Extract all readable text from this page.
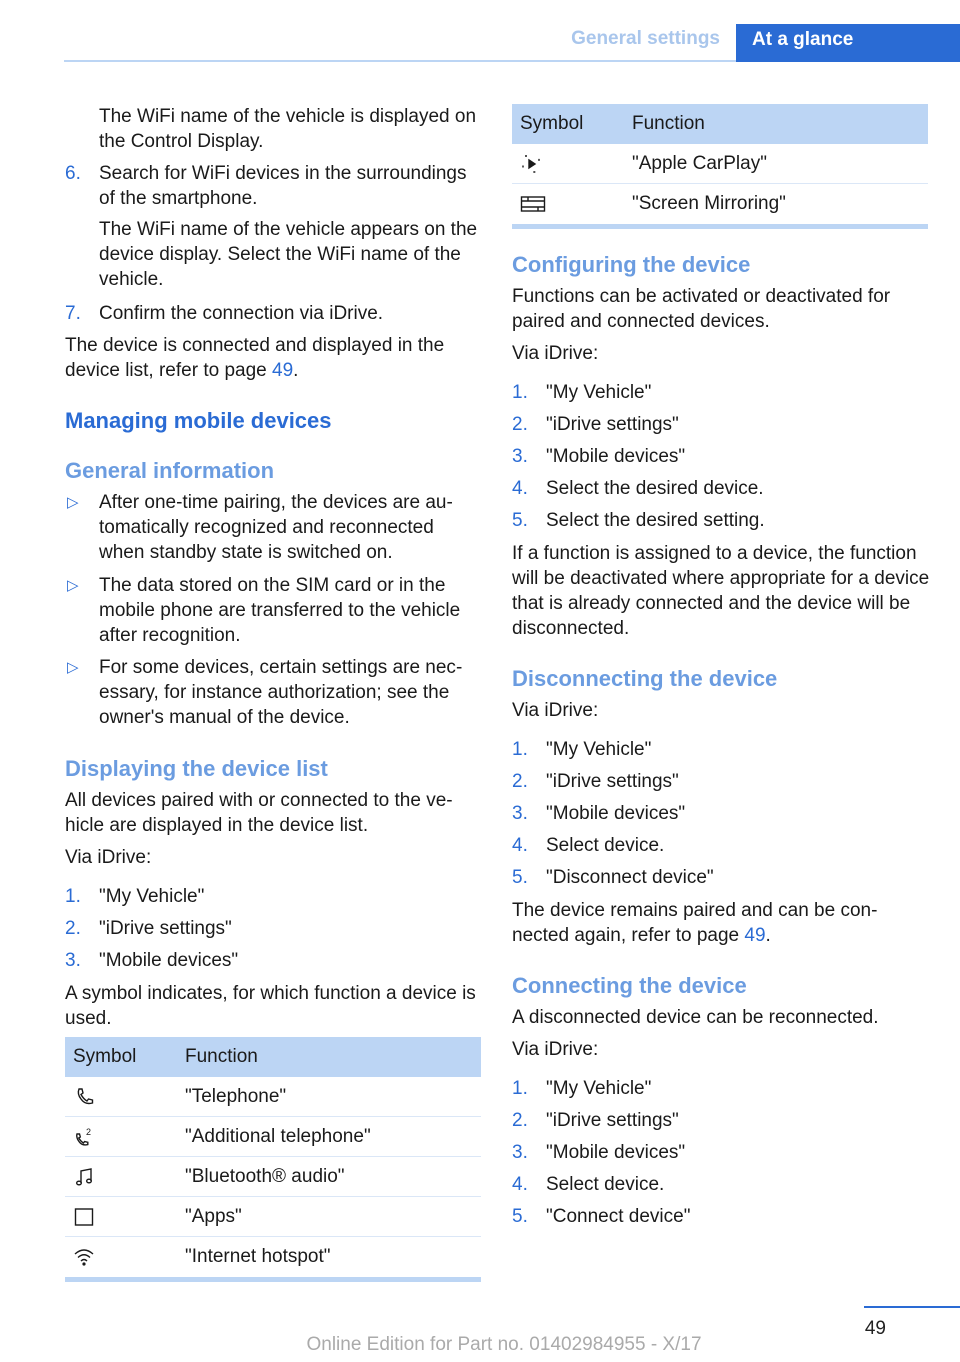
General settings	At a glance
The WiFi name of the vehicle is displayed on the Control Display.
6. Search for WiFi devices in the surroundings of the smartphone.
The WiFi name of the vehicle appears on the device display. Select the WiFi name of the vehicle.
7. Confirm the connection via iDrive.
The device is connected and displayed in the device list, refer to page 49.
Managing mobile devices
General information
▷ After one-time pairing, the devices are automatically recognized and reconnected when standby state is switched on.
▷ The data stored on the SIM card or in the mobile phone are transferred to the vehicle after recognition.
▷ For some devices, certain settings are necessary, for instance authorization; see the owner's manual of the device.
Displaying the device list
All devices paired with or connected to the vehicle are displayed in the device list.
Via iDrive:
1. "My Vehicle"
2. "iDrive settings"
3. "Mobile devices"
A symbol indicates, for which function a device is used.
Symbol	Function
"Telephone"
2	"Additional telephone"
"Bluetooth® audio"
"Apps"
"Internet hotspot"
Symbol	Function
"Apple CarPlay"
"Screen Mirroring"
Configuring the device
Functions can be activated or deactivated for paired and connected devices.
Via iDrive:
1. "My Vehicle"
2. "iDrive settings"
3. "Mobile devices"
4. Select the desired device.
5. Select the desired setting.
If a function is assigned to a device, the function will be deactivated where appropriate for a device that is already connected and the device will be disconnected.
Disconnecting the device
Via iDrive:
1. "My Vehicle"
2. "iDrive settings"
3. "Mobile devices"
4. Select device.
5. "Disconnect device"
The device remains paired and can be connected again, refer to page 49.
Connecting the device
A disconnected device can be reconnected.
Via iDrive:
1. "My Vehicle"
2. "iDrive settings"
3. "Mobile devices"
4. Select device.
5. "Connect device"
49
Online Edition for Part no. 01402984955 - X/17
